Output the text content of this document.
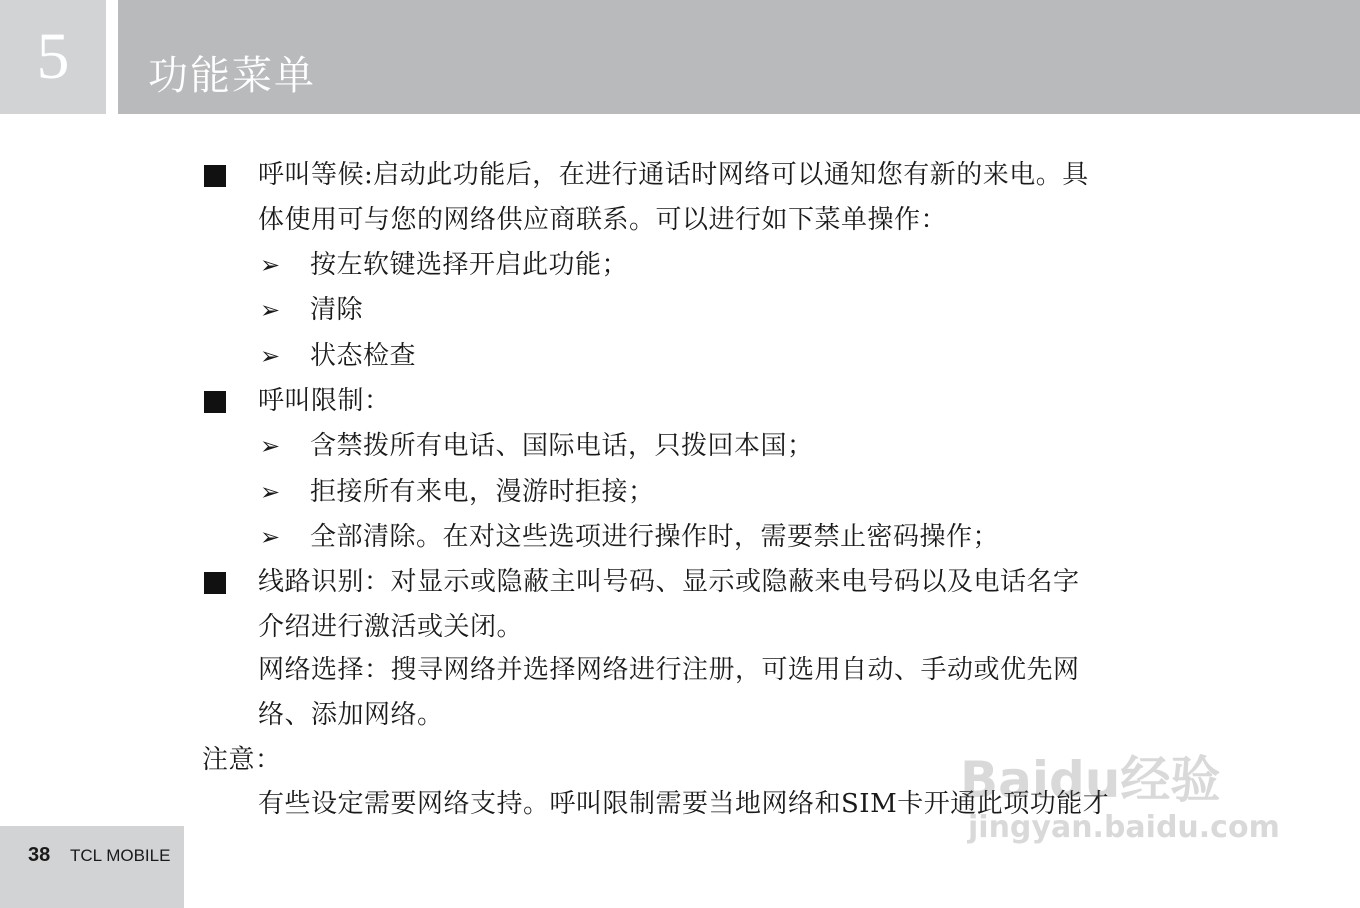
5	功能菜单
呼叫等候:启动此功能后，在进行通话时网络可以通知您有新的来电。具
体使用可与您的网络供应商联系。可以进行如下菜单操作：
➢ 按左软键选择开启此功能；
➢ 清除
➢ 状态检查
呼叫限制：
➢ 含禁拨所有电话、国际电话，只拨回本国；
➢ 拒接所有来电，漫游时拒接；
➢ 全部清除。在对这些选项进行操作时，需要禁止密码操作；
线路识别：对显示或隐蔽主叫号码、显示或隐蔽来电号码以及电话名字
介绍进行激活或关闭。
网络选择：搜寻网络并选择网络进行注册，可选用自动、手动或优先网
络、添加网络。
注意：
有些设定需要网络支持。呼叫限制需要当地网络和SIM卡开通此项功能才
Baidu经验
jingyan.baidu.com
38 TCL MOBILE
